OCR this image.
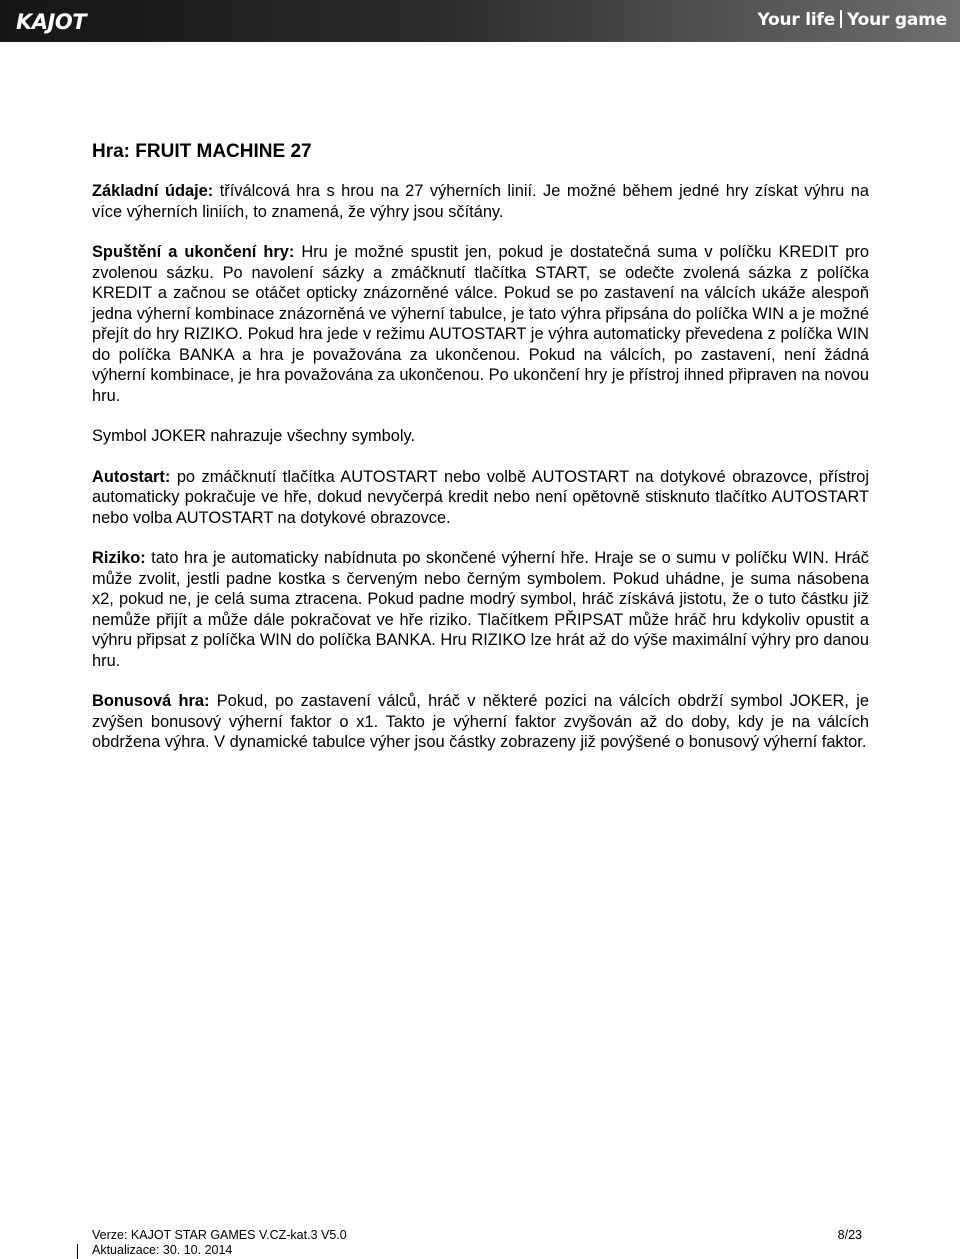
KAJOT	Your life Your game
Hra: FRUIT MACHINE 27

Základní údaje: tříválcová hra s hrou na 27 výherních linií. Je možné během jedné hry získat výhru na více výherních liniích, to znamená, že výhry jsou sčítány.

Spuštění a ukončení hry: Hru je možné spustit jen, pokud je dostatečná suma v políčku KREDIT pro zvolenou sázku. Po navolení sázky a zmáčknutí tlačítka START, se odečte zvolená sázka z políčka KREDIT a začnou se otáčet opticky znázorněné válce. Pokud se po zastavení na válcích ukáže alespoň jedna výherní kombinace znázorněná ve výherní tabulce, je tato výhra připsána do políčka WIN a je možné přejít do hry RIZIKO. Pokud hra jede v režimu AUTOSTART je výhra automaticky převedena z políčka WIN do políčka BANKA a hra je považována za ukončenou. Pokud na válcích, po zastavení, není žádná výherní kombinace, je hra považována za ukončenou. Po ukončení hry je přístroj ihned připraven na novou hru.

Symbol JOKER nahrazuje všechny symboly.

Autostart: po zmáčknutí tlačítka AUTOSTART nebo volbě AUTOSTART na dotykové obrazovce, přístroj automaticky pokračuje ve hře, dokud nevyčerpá kredit nebo není opětovně stisknuto tlačítko AUTOSTART nebo volba AUTOSTART na dotykové obrazovce.

Riziko: tato hra je automaticky nabídnuta po skončené výherní hře. Hraje se o sumu v políčku WIN. Hráč může zvolit, jestli padne kostka s červeným nebo černým symbolem. Pokud uhádne, je suma násobena x2, pokud ne, je celá suma ztracena. Pokud padne modrý symbol, hráč získává jistotu, že o tuto částku již nemůže přijít a může dále pokračovat ve hře riziko. Tlačítkem PŘIPSAT může hráč hru kdykoliv opustit a výhru připsat z políčka WIN do políčka BANKA. Hru RIZIKO lze hrát až do výše maximální výhry pro danou hru.

Bonusová hra: Pokud, po zastavení válců, hráč v některé pozici na válcích obdrží symbol JOKER, je zvýšen bonusový výherní faktor o x1. Takto je výherní faktor zvyšován až do doby, kdy je na válcích obdržena výhra. V dynamické tabulce výher jsou částky zobrazeny již povýšené o bonusový výherní faktor.

Verze: KAJOT STAR GAMES V.CZ-kat.3 V5.0	8/23
Aktualizace: 30. 10. 2014
